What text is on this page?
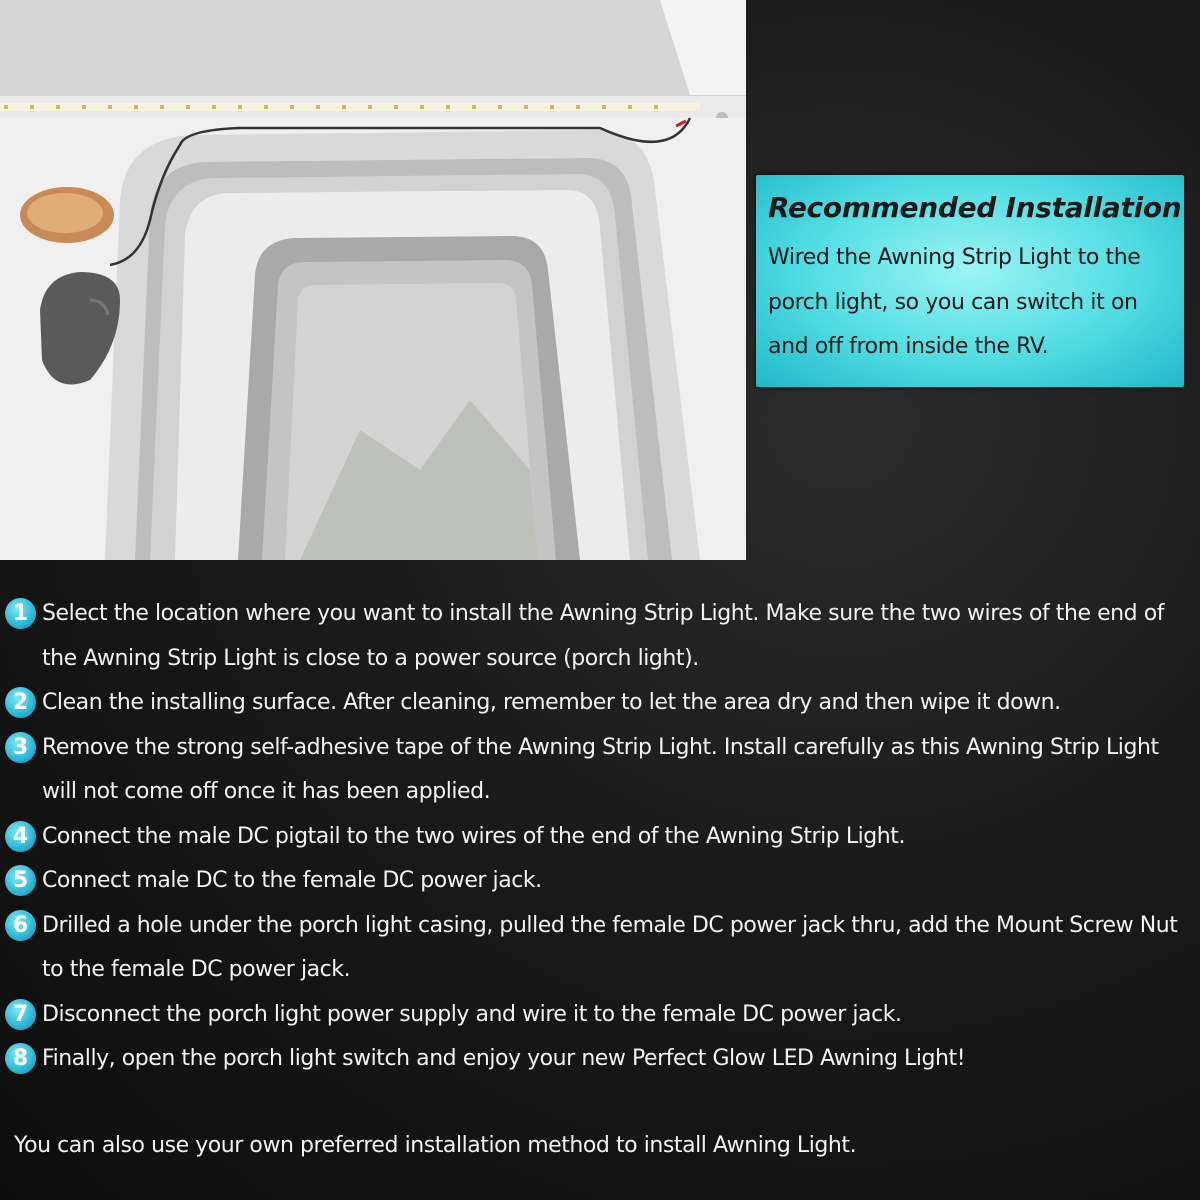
Recommended Installation

Wired the Awning Strip Light to the porch light, so you can switch it on and off from inside the RV.

1 Select the location where you want to install the Awning Strip Light. Make sure the two wires of the end of the Awning Strip Light is close to a power source (porch light).
2 Clean the installing surface. After cleaning, remember to let the area dry and then wipe it down.
3 Remove the strong self-adhesive tape of the Awning Strip Light. Install carefully as this Awning Strip Light will not come off once it has been applied.
4 Connect the male DC pigtail to the two wires of the end of the Awning Strip Light.
5 Connect male DC to the female DC power jack.
6 Drilled a hole under the porch light casing, pulled the female DC power jack thru, add the Mount Screw Nut to the female DC power jack.
7 Disconnect the porch light power supply and wire it to the female DC power jack.
8 Finally, open the porch light switch and enjoy your new Perfect Glow LED Awning Light!
You can also use your own preferred installation method to install Awning Light.
